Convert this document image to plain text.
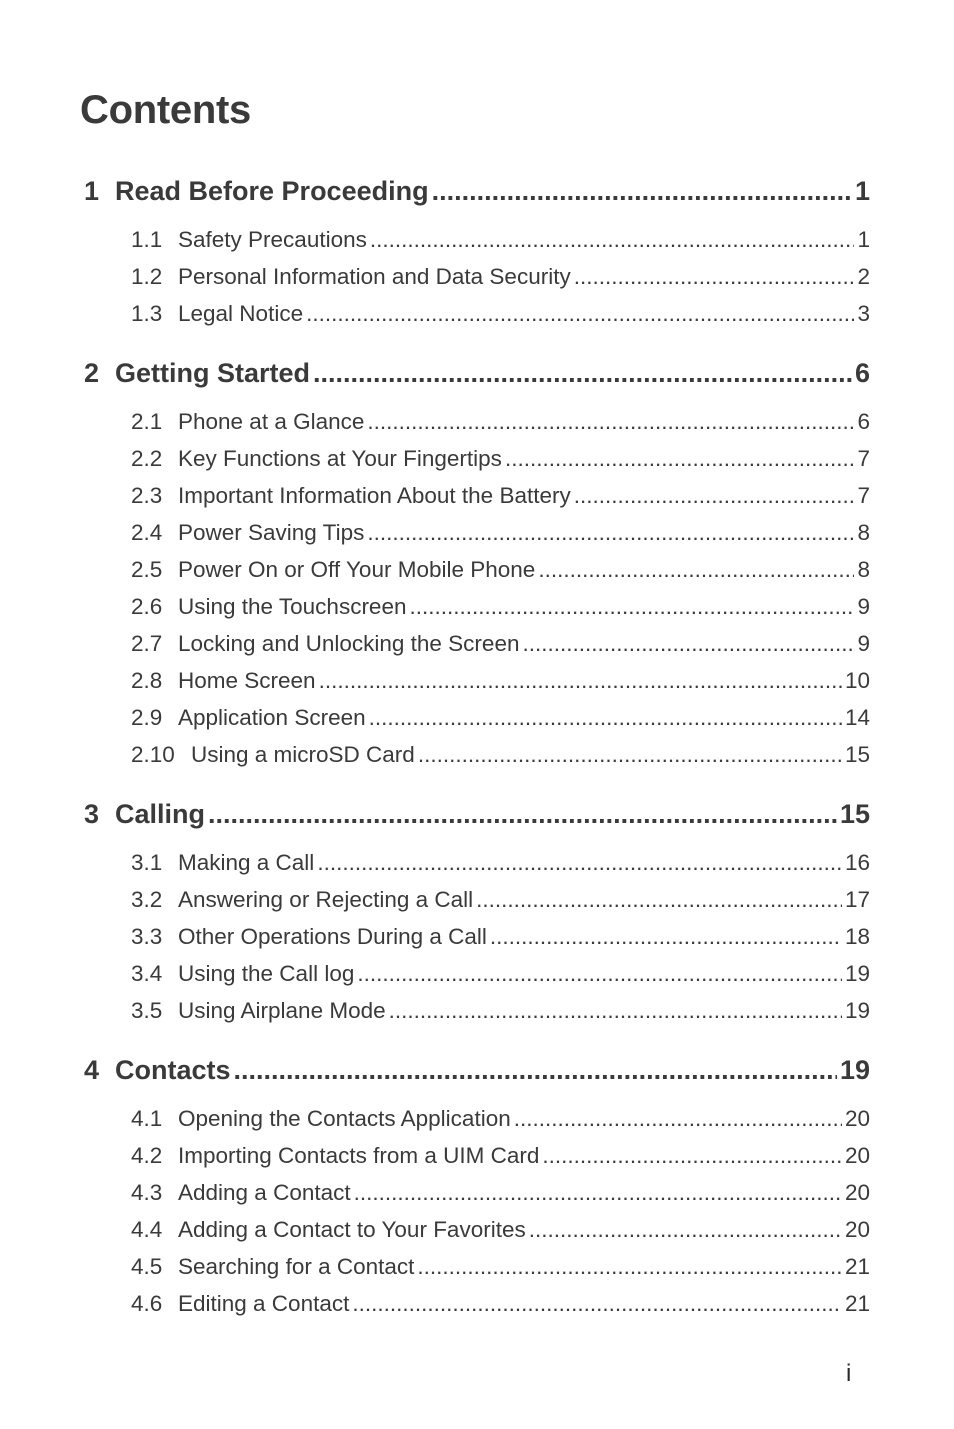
Contents
1 Read Before Proceeding .....	1
1.1 Safety Precautions .....	1
1.2 Personal Information and Data Security .....	2
1.3 Legal Notice .....	3
2 Getting Started .....	6
2.1 Phone at a Glance .....	6
2.2 Key Functions at Your Fingertips .....	7
2.3 Important Information About the Battery .....	7
2.4 Power Saving Tips .....	8
2.5 Power On or Off Your Mobile Phone .....	8
2.6 Using the Touchscreen .....	9
2.7 Locking and Unlocking the Screen .....	9
2.8 Home Screen .....	10
2.9 Application Screen .....	14
2.10 Using a microSD Card .....	15
3 Calling .....	15
3.1 Making a Call .....	16
3.2 Answering or Rejecting a Call .....	17
3.3 Other Operations During a Call .....	18
3.4 Using the Call log .....	19
3.5 Using Airplane Mode .....	19
4 Contacts .....	19
4.1 Opening the Contacts Application .....	20
4.2 Importing Contacts from a UIM Card .....	20
4.3 Adding a Contact .....	20
4.4 Adding a Contact to Your Favorites .....	20
4.5 Searching for a Contact .....	21
4.6 Editing a Contact .....	21
i
